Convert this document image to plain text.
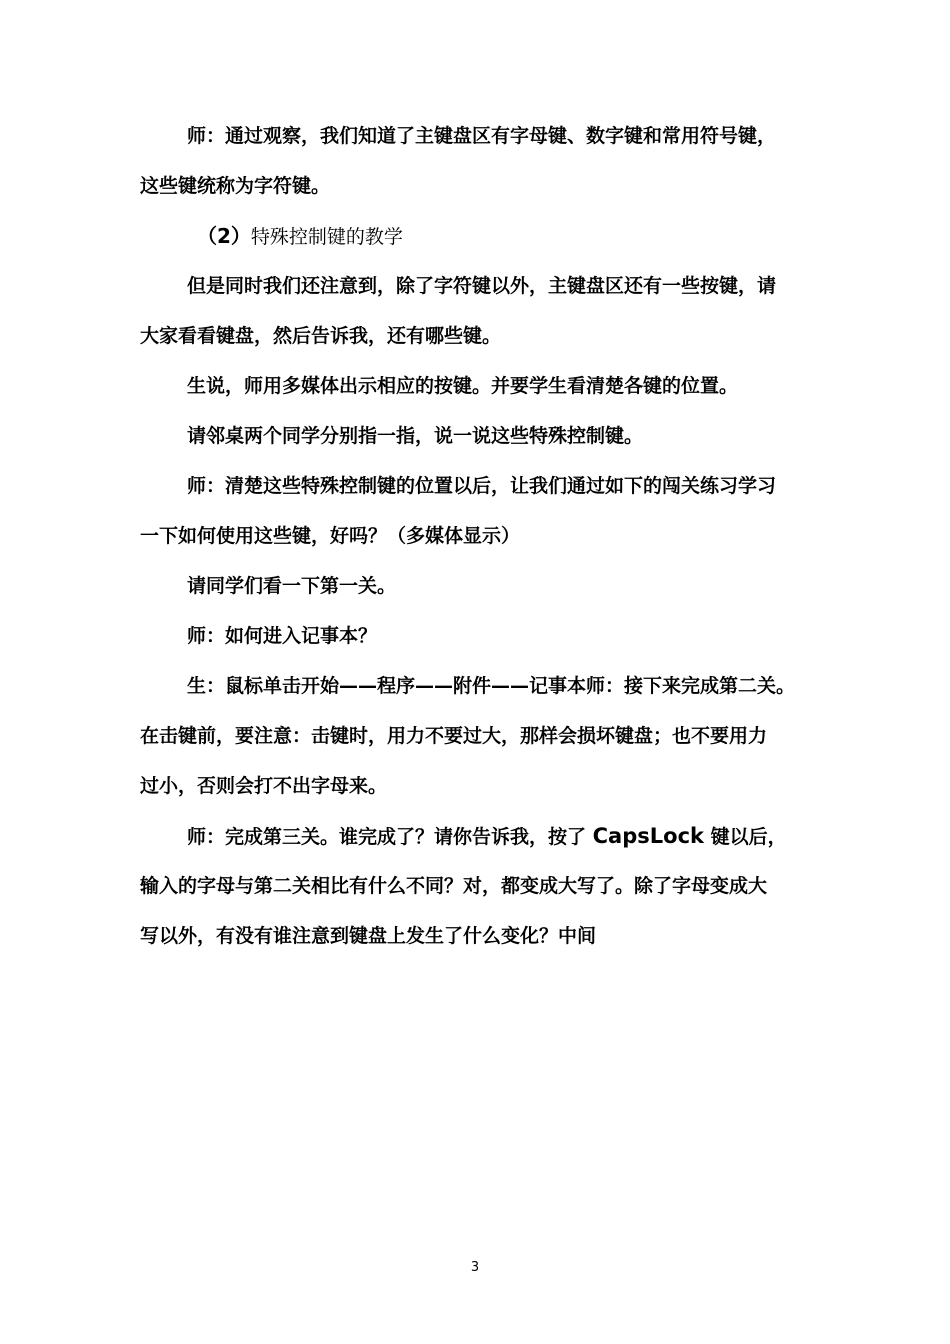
师：通过观察，我们知道了主键盘区有字母键、数字键和常用符号键，
这些键统称为字符键。
（2）特殊控制键的教学
但是同时我们还注意到，除了字符键以外，主键盘区还有一些按键，请
大家看看键盘，然后告诉我，还有哪些键。
生说，师用多媒体出示相应的按键。并要学生看清楚各键的位置。
请邻桌两个同学分别指一指，说一说这些特殊控制键。
师：清楚这些特殊控制键的位置以后，让我们通过如下的闯关练习学习
一下如何使用这些键，好吗？（多媒体显示）
请同学们看一下第一关。
师：如何进入记事本？
生：鼠标单击开始——程序——附件——记事本师：接下来完成第二关。
在击键前，要注意：击键时，用力不要过大，那样会损坏键盘；也不要用力
过小，否则会打不出字母来。
师：完成第三关。谁完成了？请你告诉我，按了 CapsLock 键以后，
输入的字母与第二关相比有什么不同？对，都变成大写了。除了字母变成大
写以外，有没有谁注意到键盘上发生了什么变化？中间
3
